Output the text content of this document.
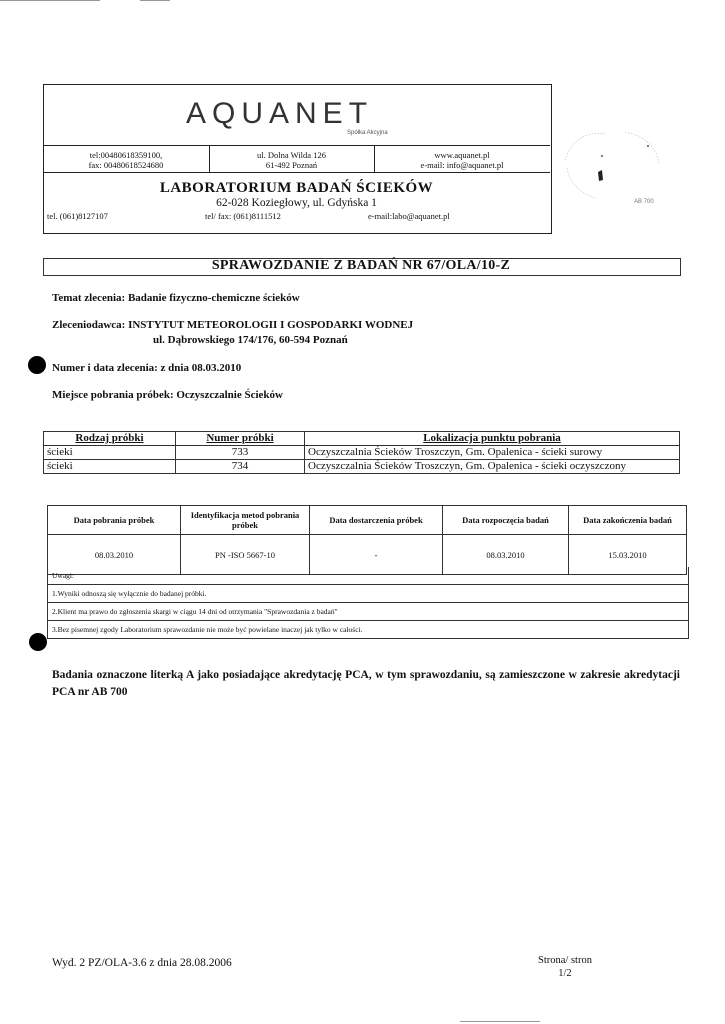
AQUANET
Spółka Akcyjna
tel:00480618359100,
fax: 00480618524680
ul. Dolna Wilda 126
61-492 Poznań
www.aquanet.pl
e-mail: info@aquanet.pl
LABORATORIUM BADAŃ ŚCIEKÓW
62-028 Koziegłowy, ul. Gdyńska 1
tel. (061)8127107	tel/ fax: (061)8111512	e-mail:labo@aquanet.pl
AB 700
SPRAWOZDANIE Z BADAŃ NR 67/OLA/10-Z
Temat zlecenia: Badanie fizyczno-chemiczne ścieków
Zleceniodawca: INSTYTUT METEOROLOGII I GOSPODARKI WODNEJ
ul. Dąbrowskiego 174/176, 60-594 Poznań
Numer i data zlecenia: z dnia 08.03.2010
Miejsce pobrania próbek: Oczyszczalnie Ścieków
Rodzaj próbki	Numer próbki	Lokalizacja punktu pobrania
ścieki	733	Oczyszczalnia Ścieków Troszczyn, Gm. Opalenica - ścieki surowy
ścieki	734	Oczyszczalnia Ścieków Troszczyn, Gm. Opalenica - ścieki oczyszczony
Data pobrania próbek	Identyfikacja metod pobrania próbek	Data dostarczenia próbek	Data rozpoczęcia badań	Data zakończenia badań
08.03.2010	PN -ISO 5667-10	-	08.03.2010	15.03.2010
Uwagi:
1.Wyniki odnoszą się wyłącznie do badanej próbki.
2.Klient ma prawo do zgłoszenia skargi w ciągu 14 dni od otrzymania "Sprawozdania z badań"
3.Bez pisemnej zgody Laboratorium sprawozdanie nie może być powielane inaczej jak tylko w całości.
Badania oznaczone literką A jako posiadające akredytację PCA, w tym sprawozdaniu, są zamieszczone w zakresie akredytacji PCA nr AB 700
Wyd. 2 PZ/OLA-3.6 z dnia 28.08.2006	Strona/ stron
1/2
